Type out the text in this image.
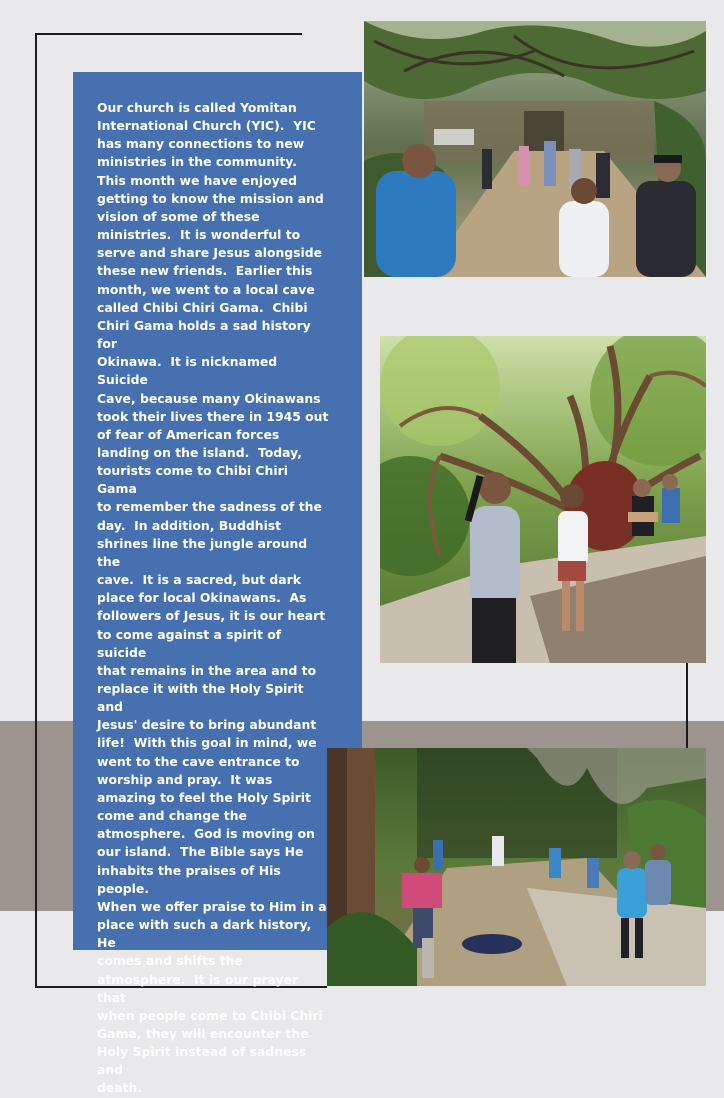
Our church is called Yomitan
International Church (YIC).  YIC
has many connections to new
ministries in the community.
This month we have enjoyed
getting to know the mission and
vision of some of these
ministries.  It is wonderful to
serve and share Jesus alongside
these new friends.  Earlier this
month, we went to a local cave
called Chibi Chiri Gama.  Chibi
Chiri Gama holds a sad history for
Okinawa.  It is nicknamed Suicide
Cave, because many Okinawans
took their lives there in 1945 out
of fear of American forces
landing on the island.  Today,
tourists come to Chibi Chiri Gama
to remember the sadness of the
day.  In addition, Buddhist
shrines line the jungle around the
cave.  It is a sacred, but dark
place for local Okinawans.  As
followers of Jesus, it is our heart
to come against a spirit of suicide
that remains in the area and to
replace it with the Holy Spirit and
Jesus' desire to bring abundant
life!  With this goal in mind, we
went to the cave entrance to
worship and pray.  It was
amazing to feel the Holy Spirit
come and change the
atmosphere.  God is moving on
our island.  The Bible says He
inhabits the praises of His people.
When we offer praise to Him in a
place with such a dark history, He
comes and shifts the
atmosphere.  It is our prayer that
when people come to Chibi Chiri
Gama, they will encounter the
Holy Spirit instead of sadness and
death.
